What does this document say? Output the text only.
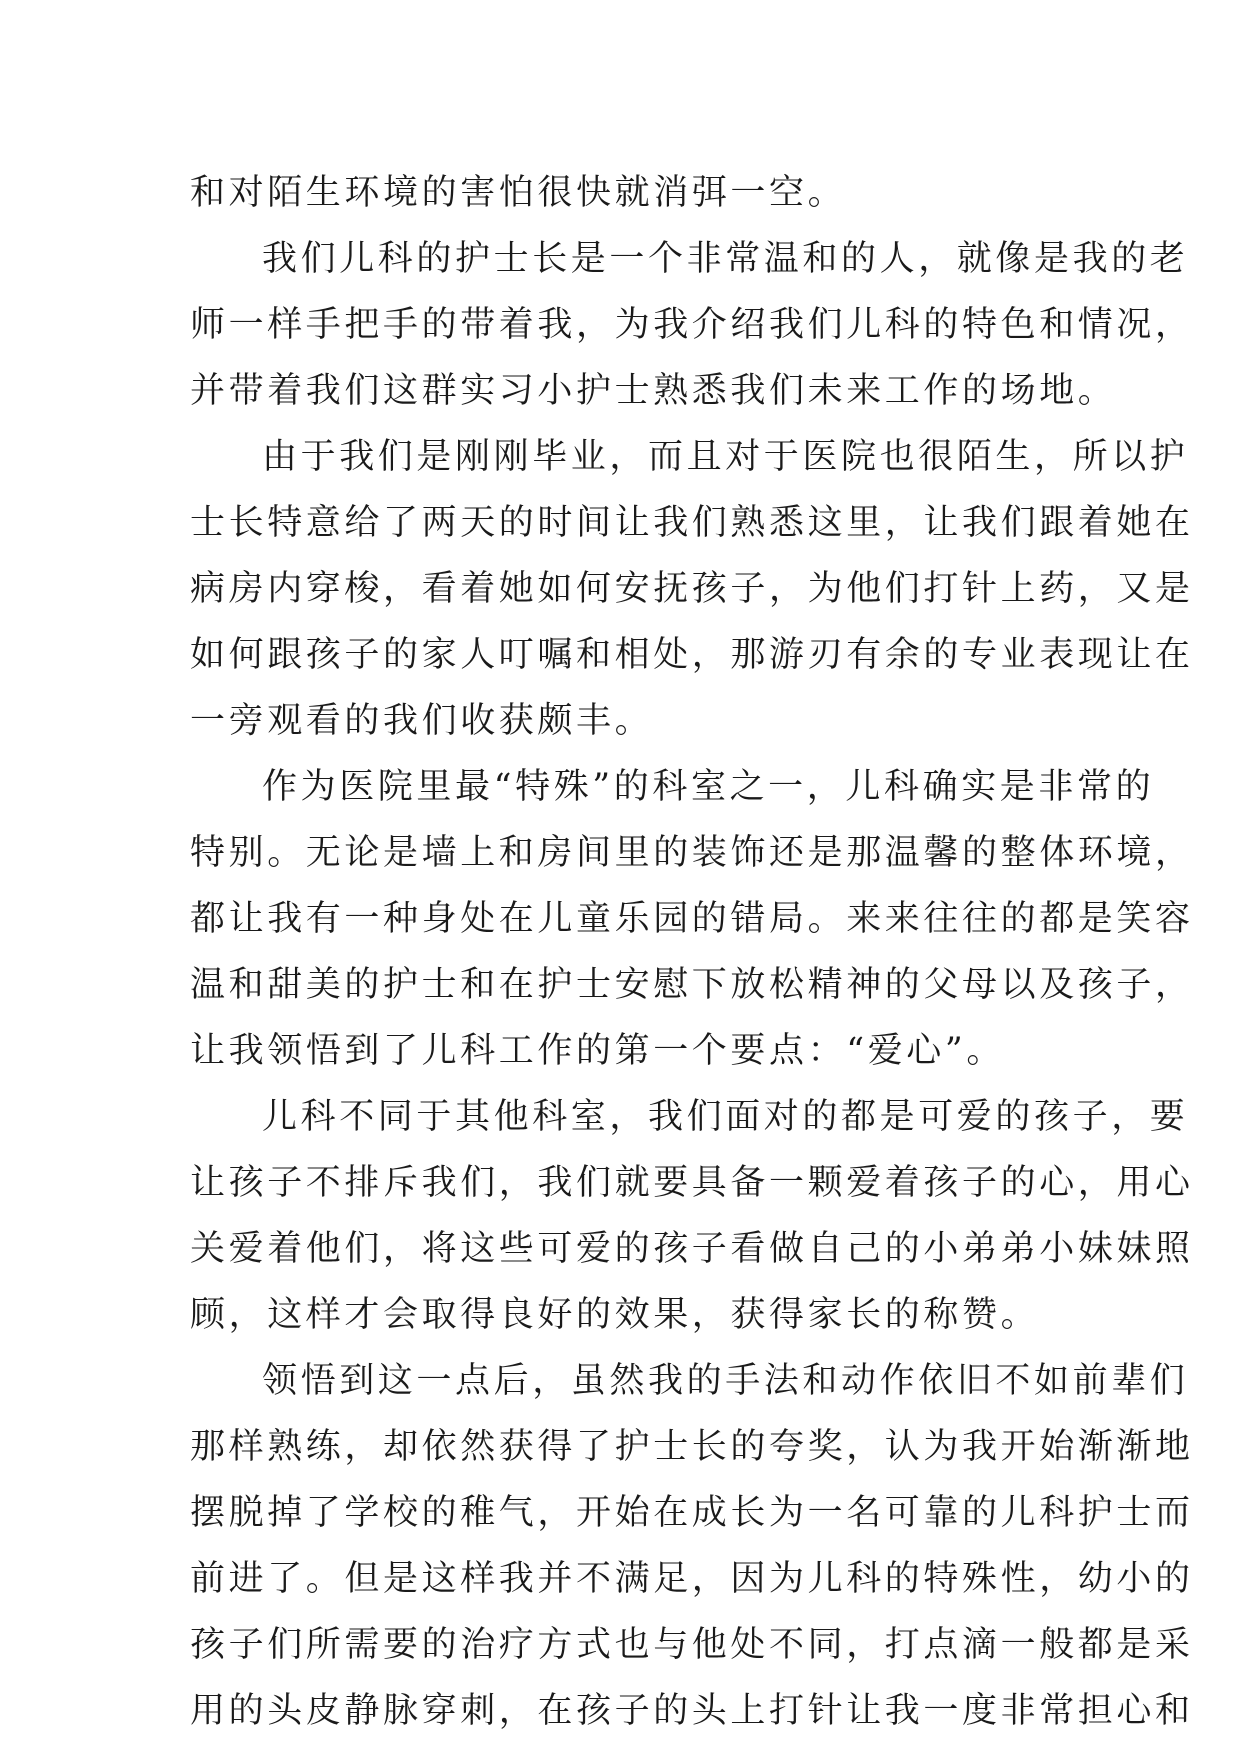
和对陌生环境的害怕很快就消弭一空。

我们儿科的护士长是一个非常温和的人，就像是我的老
师一样手把手的带着我，为我介绍我们儿科的特色和情况，
并带着我们这群实习小护士熟悉我们未来工作的场地。

由于我们是刚刚毕业，而且对于医院也很陌生，所以护
士长特意给了两天的时间让我们熟悉这里，让我们跟着她在
病房内穿梭，看着她如何安抚孩子，为他们打针上药，又是
如何跟孩子的家人叮嘱和相处，那游刃有余的专业表现让在
一旁观看的我们收获颇丰。

作为医院里最“特殊”的科室之一，儿科确实是非常的
特别。无论是墙上和房间里的装饰还是那温馨的整体环境，
都让我有一种身处在儿童乐园的错局。来来往往的都是笑容
温和甜美的护士和在护士安慰下放松精神的父母以及孩子，
让我领悟到了儿科工作的第一个要点：“爱心”。

儿科不同于其他科室，我们面对的都是可爱的孩子，要
让孩子不排斥我们，我们就要具备一颗爱着孩子的心，用心
关爱着他们，将这些可爱的孩子看做自己的小弟弟小妹妹照
顾，这样才会取得良好的效果，获得家长的称赞。

领悟到这一点后，虽然我的手法和动作依旧不如前辈们
那样熟练，却依然获得了护士长的夸奖，认为我开始渐渐地
摆脱掉了学校的稚气，开始在成长为一名可靠的儿科护士而
前进了。但是这样我并不满足，因为儿科的特殊性，幼小的
孩子们所需要的治疗方式也与他处不同，打点滴一般都是采
用的头皮静脉穿刺，在孩子的头上打针让我一度非常担心和
